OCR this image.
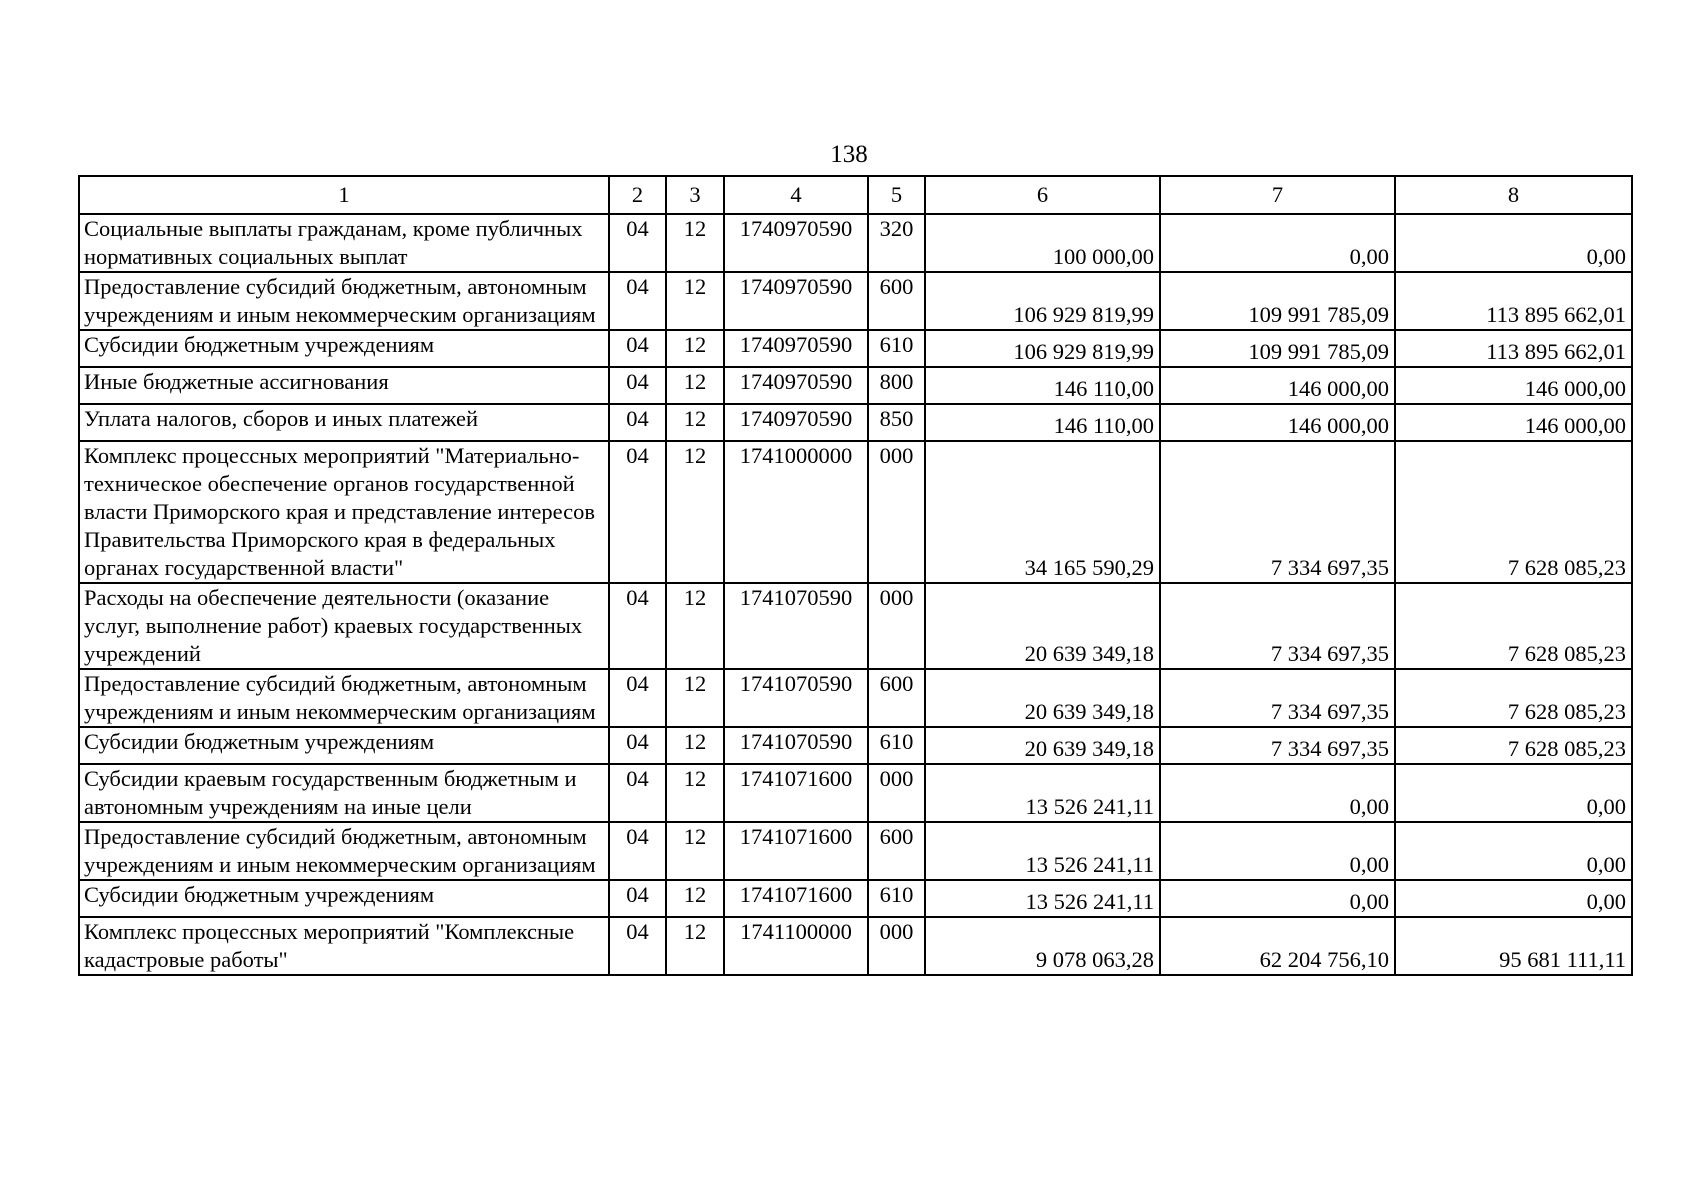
138
1	2	3	4	5	6	7	8
Социальные выплаты гражданам, кроме публичных нормативных социальных выплат	04	12	1740970590	320	100 000,00	0,00	0,00
Предоставление субсидий бюджетным, автономным учреждениям и иным некоммерческим организациям	04	12	1740970590	600	106 929 819,99	109 991 785,09	113 895 662,01
Субсидии бюджетным учреждениям	04	12	1740970590	610	106 929 819,99	109 991 785,09	113 895 662,01
Иные бюджетные ассигнования	04	12	1740970590	800	146 110,00	146 000,00	146 000,00
Уплата налогов, сборов и иных платежей	04	12	1740970590	850	146 110,00	146 000,00	146 000,00
Комплекс процессных мероприятий "Материально-техническое обеспечение органов государственной власти Приморского края и представление интересов Правительства Приморского края в федеральных органах государственной власти"	04	12	1741000000	000	34 165 590,29	7 334 697,35	7 628 085,23
Расходы на обеспечение деятельности (оказание услуг, выполнение работ) краевых государственных учреждений	04	12	1741070590	000	20 639 349,18	7 334 697,35	7 628 085,23
Предоставление субсидий бюджетным, автономным учреждениям и иным некоммерческим организациям	04	12	1741070590	600	20 639 349,18	7 334 697,35	7 628 085,23
Субсидии бюджетным учреждениям	04	12	1741070590	610	20 639 349,18	7 334 697,35	7 628 085,23
Субсидии краевым государственным бюджетным и автономным учреждениям на иные цели	04	12	1741071600	000	13 526 241,11	0,00	0,00
Предоставление субсидий бюджетным, автономным учреждениям и иным некоммерческим организациям	04	12	1741071600	600	13 526 241,11	0,00	0,00
Субсидии бюджетным учреждениям	04	12	1741071600	610	13 526 241,11	0,00	0,00
Комплекс процессных мероприятий "Комплексные кадастровые работы"	04	12	1741100000	000	9 078 063,28	62 204 756,10	95 681 111,11
